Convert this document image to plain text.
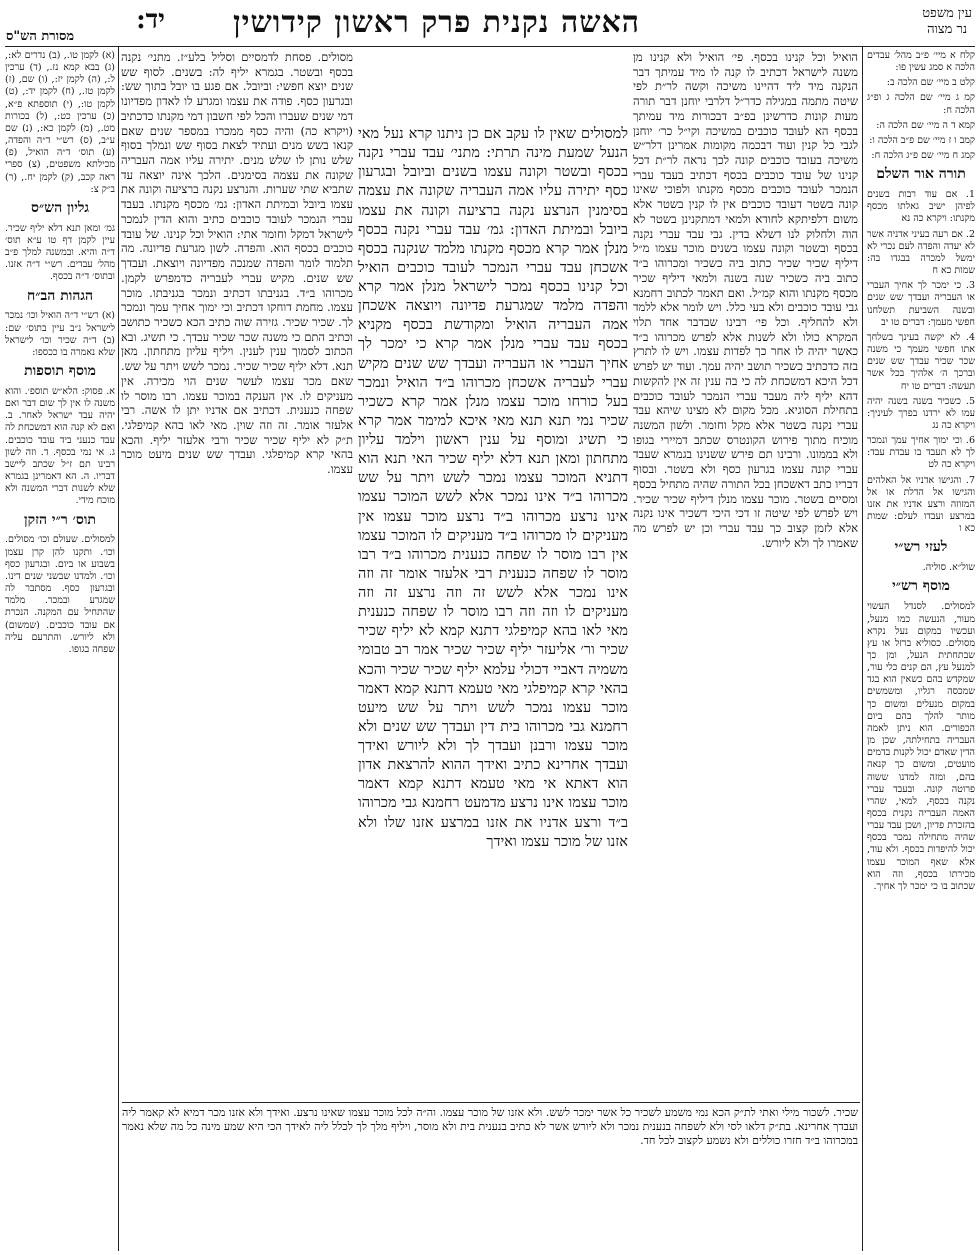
יד: האשה נקנית פרק ראשון קידושין	עין משפט
נר מצוה
מסורת הש"ס

קלח א מיי׳ פ״ב מהל׳ עבדים הלכה א סמג עשין פו:

קלט ב מיי׳ שם הלכה ב:

קמ ג מיי׳ שם הלכה ג ופ״ג הלכה ח:

קמא ד ה מיי׳ שם הלכה ה:

קמב ו ז מיי׳ שם פ״ב הלכה ו:

קמג ח מיי׳ שם פ״ג הלכה ח:

תורה אור השלם

1. אם עוד רבות בשנים לפיהן ישיב גאלתו מכסף מקנתו: ויקרא כה נא

2. אם רעה בעיני אדניה אשר לא יעדה והפדה לעם נכרי לא ימשל למכרה בבגדו בה: שמות כא ח

3. כי ימכר לך אחיך העברי או העבריה ועבדך שש שנים ובשנה השביעת תשלחנו חפשי מעמך: דברים טו יב

4. לא יקשה בעינך בשלחך אתו חפשי מעמך כי משנה שכר שכיר עבדך שש שנים וברכך ה׳ אלהיך בכל אשר תעשה: דברים טו יח

5. כשכיר בשנה בשנה יהיה עמו לא ירדנו בפרך לעיניך: ויקרא כה נג

6. וכי ימוך אחיך עמך ונמכר לך לא תעבד בו עבדת עבד: ויקרא כה לט

7. והגישו אדניו אל האלהים והגישו אל הדלת או אל המזוזה ורצע אדניו את אזנו במרצע ועבדו לעלם: שמות כא ו

לעזי רש״י

שול״א. סוליה.

מוסף רש״י

למסולים. לסנדל העשוי מעור, הנעשה כמו מנעל, ועכשיו במקום נעל נקרא מסולים. כסוליא ברזל או עץ שבתחתית הנעל, ומן כך למנעל עץ, הם קנים כלי עור, שמקדש בהם כשאין הוא בגד שמכסה רגליו, ומשמשים במקום מנעלים ומשום כך מותר להלך בהם ביום הכפורים. הוא ניתן לאמה העבריה בתחילתה, שכן מן הדין שאדם יכול לקנות בדמים מועטים, ומשום כך קנאה בהם, ומזה למדנו ששוה פרוטה קונה. ובעבד עברי נקנה בכסף, למאי, שהרי האמה העבריה נקנית בכסף בהזכרת פדיון, ושכן עבד עברי שהיה מתחילה נמכר בכסף יכול להיפדות בכסף. ולא עוד, אלא שאף המוכר עצמו מכירתו בכסף, וזה הוא שכתוב בו כי ימכר לך אחיך.

הואיל וכל קנינו בכסף. פי׳ הואיל ולא קנינו מן משנה לישראל דכתיב לו קנה לו מיד עמיתך דבר הנקנה מיד ליד דהיינו משיכה וקשה לר״ת לפי שיטה מתמה במגילה כדר״ל דלרבי יוחנן דבר תורה מעות קונות כדרשינן בפ״ב דבכורות מיד עמיתך בכסף הא לעובד כוכבים במשיכה וקי״ל כר׳ יוחנן לגבי כל קנין ועוד דבכמה מקומות אמרינן דלר״ש משיכה בעובד כוכבים קונה לכך נראה לר״ת דכל קנינו של עובד כוכבים בכסף דכתיב בעבד עברי הנמכר לעובד כוכבים מכסף מקנתו ולפוכי שאינו קונה בשטר דעובד כוכבים אין לו קנין בשטר אלא משום דלפיתקא לחודא ולמאי דמתקנינן בשטר לא הוה ולחלוק לנו דשלא בדין. גבי עבד עברי נקנה בכסף ובשטר וקונה עצמו בשנים מוכר עצמו מ״ל דיליף שכיר שכיר כתוב ביה כשכיר ומכרוהו ב״ד כתוב ביה כשכיר שנה בשנה ולמאי דיליף שכיר מכסף מקנתו והוא קמ״ל. ואם תאמר לכתוב רחמנא גבי עובד כוכבים ולא בעי כלל. ויש לומר אלא ללמד ולא להחליף. וכל פי׳ רבינו שבדבר אחד תלוי המקרא כולו ולא לשנות אלא לפרש מכרוהו ב״ד כאשר יהיה לו אחר כך לפדות עצמו. ויש לו לתרץ בזה כדכתיב כשכיר תושב יהיה עמך. ועוד יש לפרש דכל היכא דמשכחת לה כי בה ענין זה אין להקשות דהא יליף ליה מעבד עברי הנמכר לעובד כוכבים בתחילת הסוגיא. מכל מקום לא מצינו שיהא עבד עברי נקנה בשטר אלא מקל וחומר. ולשון המשנה מוכיח מתוך פירוש הקונטרס שכתב דמיירי בגופו ולא בממונו. ורבינו תם פירש ששנינו בגמרא שעבד עברי קונה עצמו בגרעון כסף ולא בשטר. ובסוף דבריו כתב דאשכחן בכל התורה שהיה מתחיל בכסף ומסיים בשטר. מוכר עצמו מנלן דיליף שכיר שכיר. ויש לפרש לפי שיטה זו דכי היכי דשכיר אינו נקנה אלא לזמן קצוב כך עבד עברי וכן יש לפרש מה שאמרו לך ולא ליורש.

למסולים שאין לו עקב אם כן ניתנו קרא נעל מאי הנעל שמעת מינה תרתי: מתני׳ עבד עברי נקנה בכסף ובשטר וקונה עצמו בשנים וביובל ובגרעון כסף יתירה עליו אמה העבריה שקונה את עצמה בסימנין הנרצע נקנה ברציעה וקונה את עצמו ביובל ובמיתת האדון: גמ׳ עבד עברי נקנה בכסף מנלן אמר קרא מכסף מקנתו מלמד שנקנה בכסף אשכחן עבד עברי הנמכר לעובד כוכבים הואיל וכל קנינו בכסף נמכר לישראל מנלן אמר קרא והפדה מלמד שמגרעת פדיונה ויוצאה אשכחן אמה העבריה הואיל ומקודשת בכסף מקניא בכסף עבד עברי מנלן אמר קרא כי ימכר לך אחיך העברי או העבריה ועבדך שש שנים מקיש עברי לעבריה אשכחן מכרוהו ב״ד הואיל ונמכר בעל כורחו מוכר עצמו מנלן אמר קרא כשכיר שכיר נמי תנא תנא מאי איכא למימר אמר קרא כי תשיג ומוסף על ענין ראשון וילמד עליון מתחתון ומאן תנא דלא יליף שכיר האי תנא הוא דתניא המוכר עצמו נמכר לשש ויתר על שש מכרוהו ב״ד אינו נמכר אלא לשש המוכר עצמו אינו נרצע מכרוהו ב״ד נרצע מוכר עצמו אין מעניקים לו מכרוהו ב״ד מעניקים לו המוכר עצמו אין רבו מוסר לו שפחה כנענית מכרוהו ב״ד רבו מוסר לו שפחה כנענית רבי אלעזר אומר זה וזה אינו נמכר אלא לשש זה וזה נרצע זה וזה מעניקים לו וזה וזה רבו מוסר לו שפחה כנענית מאי לאו בהא קמיפלגי דתנא קמא לא יליף שכיר שכיר ור׳ אליעזר יליף שכיר שכיר אמר רב טבומי משמיה דאביי דכולי עלמא יליף שכיר שכיר והכא בהאי קרא קמיפלגי מאי טעמא דתנא קמא דאמר מוכר עצמו נמכר לשש ויתר על שש מיעט רחמנא גבי מכרוהו בית דין ועבדך שש שנים ולא מוכר עצמו ורבנן ועבדך לך ולא ליורש ואידך ועבדך אחרינא כתיב ואידך ההוא להרצאת אדון הוא דאתא אי מאי טעמא דתנא קמא דאמר מוכר עצמו אינו נרצע מדמעט רחמנא גבי מכרוהו ב״ד ורצע אדניו את אזנו במרצע אזנו שלו ולא אזנו של מוכר עצמו ואידך

מסולים. פסחת לדמסיים וסליל בלע״ז. מתני׳ נקנה בכסף ובשטר. בגמרא יליף לה: בשנים. לסוף שש שנים יוצא חפשי: וביובל. אם פגע בו יובל בתוך שש: ובגרעון כסף. פודה את עצמו ומגרע לו לאדון מפדיונו דמי שנים שעברו והכל לפי חשבון דמי מקנתו כדכתיב (ויקרא כה) והיה כסף ממכרו במספר שנים שאם קנאו בשש מנים ועתיד לצאת בסוף שש ונמלך בסוף שלש נותן לו שלש מנים. יתירה עליו אמה העבריה שקונה את עצמה בסימנים. הלכך אינה יוצאה עד שתביא שתי שערות. והנרצע נקנה ברציעה וקונה את עצמו ביובל ובמיתת האדון: גמ׳ מכסף מקנתו. בעבד עברי הנמכר לעובד כוכבים כתיב והוא הדין לנמכר לישראל דמקל וחומר אתי: הואיל וכל קנינו. של עובד כוכבים בכסף הוא. והפדה. לשון מגרעת פדיונה. מה תלמוד לומר והפדה שמנכה מפדיונה ויוצאת. ועבדך שש שנים. מקיש עברי לעבריה כדמפרש לקמן. מכרוהו ב״ד. בגניבתו דכתיב ונמכר בגניבתו. מוכר עצמו. מחמת דוחקו דכתיב וכי ימוך אחיך עמך ונמכר לך. שכיר שכיר. גזירה שוה כתיב הכא כשכיר כתושב וכתיב התם כי משנה שכר שכיר עבדך. כי תשיג. ובא הכתוב לסמוך ענין לענין. ויליף עליון מתחתון. מאן תנא. דלא יליף שכיר שכיר. נמכר לשש ויתר על שש. שאם מכר עצמו לעשר שנים הוי מכירה. אין מעניקים לו. אין הענקה במוכר עצמו. רבו מוסר לו שפחה כנענית. דכתיב אם אדניו יתן לו אשה. רבי אלעזר אומר. זה וזה שוין. מאי לאו בהא קמיפלגי. ת״ק לא יליף שכיר שכיר ורבי אלעזר יליף. והכא בהאי קרא קמיפלגי. ועבדך שש שנים מיעט מוכר עצמו.

שכיר. לשכור מילי ואתי לת״ק הכא נמי משמע לשכיר כל אשר ימכר לשש. ולא אזנו של מוכר עצמו. וה״ה לכל מוכר עצמו שאינו נרצע. ואידך ולא אזנו מכר דמיא לא קאמר ליה ועבדך אחרינא. בת״ק דלאו לסי ולא לשפחה בנענית נמכר ולא ליורש אשר לא כתיב בנענית בית ולא מוסר, ויליף מלך לך לכלל ליה לאידך הכי היא שמע מינה כל מה שלא נאמר במכרוהו ב״ד חזרו כוללים ולא נשמע לקצוב לכל חד.

(א) לקמן טו., (ב) נדרים לא:, (ג) בבא קמא נז., (ד) ערכין ל:, (ה) לקמן יז:, (ו) שם, (ז) לקמן טז., (ח) לקמן יד:, (ט) לקמן טו:, (י) תוספתא פ״א, (כ) ערכין כט:, (ל) בכורות מט., (מ) לקמן כא:, (נ) שם ע״ב, (ס) רש״י ד״ה והפדה, (ע) תוס׳ ד״ה הואיל, (פ) מכילתא משפטים, (צ) ספרי ראה קכב, (ק) לקמן יח., (ר) ב״ק צ:

גליון הש״ס

גמ׳ ומאן תנא דלא יליף שכיר. עיין לקמן דף טו ע״א תוס׳ ד״ה והיא. ובמשנה למלך פ״ב מהל׳ עבדים. רש״י ד״ה אזנו. ובתוס׳ ד״ה בכסף.

הגהות הב״ח

(א) רש״י ד״ה הואיל וכו׳ נמכר לישראל נ״ב עיין בתוס׳ שם: (ב) ד״ה שכיר וכו׳ לישראל שלא נאמרה בו ככספו:

מוסף תוספות

א. פסוק: הלא״ש תוספ׳. והוא משנה לו אין לך שום דבר ואם יהיה עבד ישראל לאחר. ב. ואם לא קנה הוא דמשכחת לה עבד כנעני ביד עובד כוכבים. ג. אי נמי בכסף. ד. וזה לשון רבינו תם ז״ל שכתב ליישב דבריו. ה. הא דאמרינן בגמרא שלא לשנות דברי המשנה ולא מוכח מידי.

תוס׳ ר״י הזקן

למסולים. שעולם וכו׳ מסולים. וכו׳. ותקנו להן קרן עצמן בשבוע או ביום. ובגרעון כסף וכו׳. ולמדנו שבשני שנים דינו. ובגרעון כסף. מסתבר לה שמגרע ובמכר. מלמד שהתחיל עם המקנה. הנכרת אם עובד כוכבים. (שמשום) ולא ליורש. והתרעם עליה שפחה בגופו.
